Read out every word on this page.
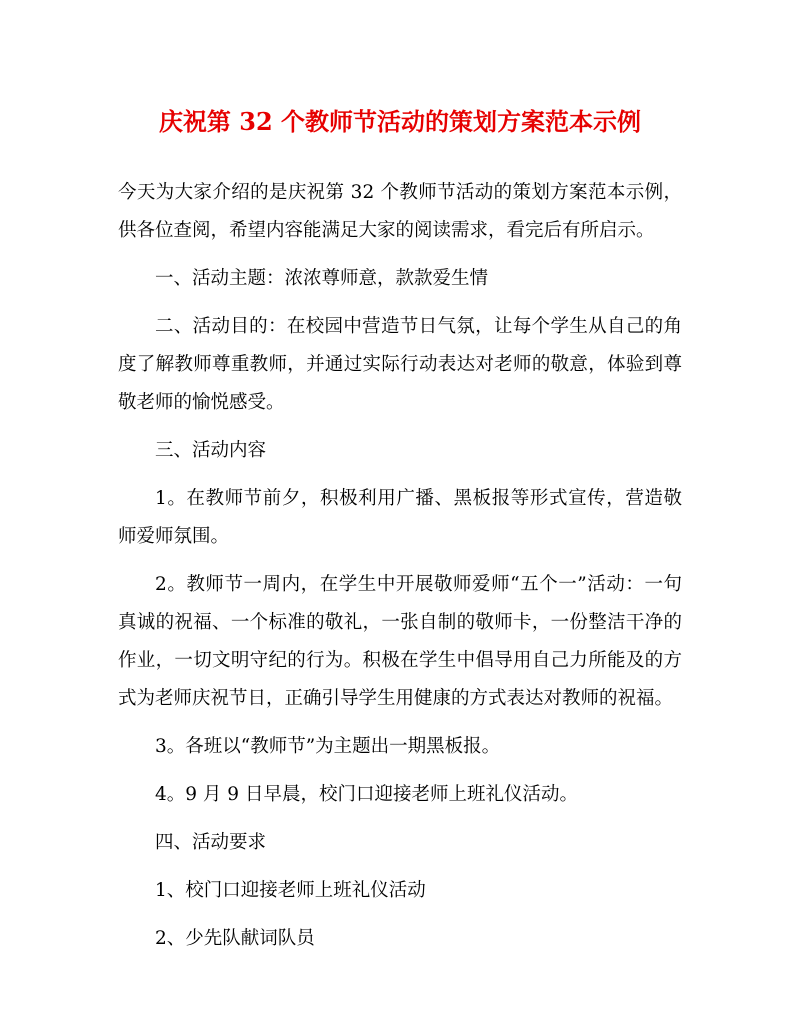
庆祝第 32 个教师节活动的策划方案范本示例

今天为大家介绍的是庆祝第 32 个教师节活动的策划方案范本示例，供各位查阅，希望内容能满足大家的阅读需求，看完后有所启示。

一、活动主题：浓浓尊师意，款款爱生情

二、活动目的：在校园中营造节日气氛，让每个学生从自己的角度了解教师尊重教师，并通过实际行动表达对老师的敬意，体验到尊敬老师的愉悦感受。

三、活动内容

1。在教师节前夕，积极利用广播、黑板报等形式宣传，营造敬师爱师氛围。

2。教师节一周内，在学生中开展敬师爱师“五个一”活动：一句真诚的祝福、一个标准的敬礼，一张自制的敬师卡，一份整洁干净的作业，一切文明守纪的行为。积极在学生中倡导用自己力所能及的方式为老师庆祝节日，正确引导学生用健康的方式表达对教师的祝福。

3。各班以“教师节”为主题出一期黑板报。

4。9 月 9 日早晨，校门口迎接老师上班礼仪活动。

四、活动要求

1、校门口迎接老师上班礼仪活动

2、少先队献词队员
